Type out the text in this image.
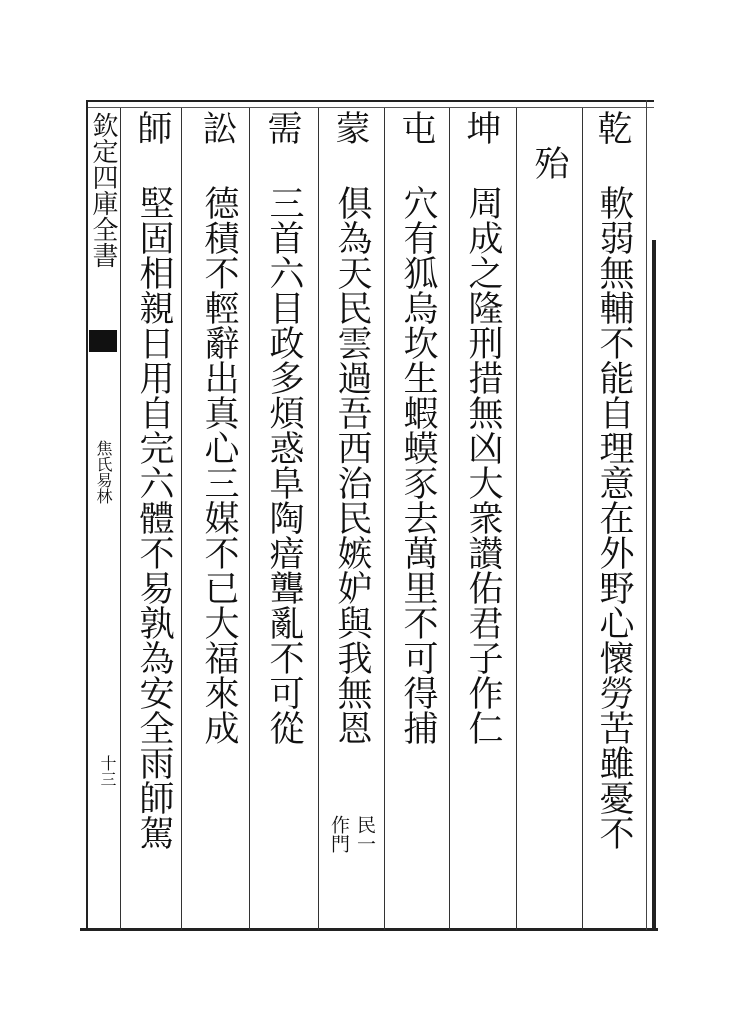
欽定四庫全書
焦氏易林
十三
乾
軟弱無輔不能自理意在外野心懷勞苦雖憂不
殆
坤
周成之隆刑措無凶大衆讃佑君子作仁
屯
穴有狐烏坎生蝦蟆豕去萬里不可得捕
蒙
俱為天民雲過吾西治民嫉妒與我無恩
民一
作門
需
三首六目政多煩惑阜陶瘖聾亂不可從
訟
德積不輕辭出真心三媒不已大福來成
師
堅固相親日用自完六體不易孰為安全雨師駕
